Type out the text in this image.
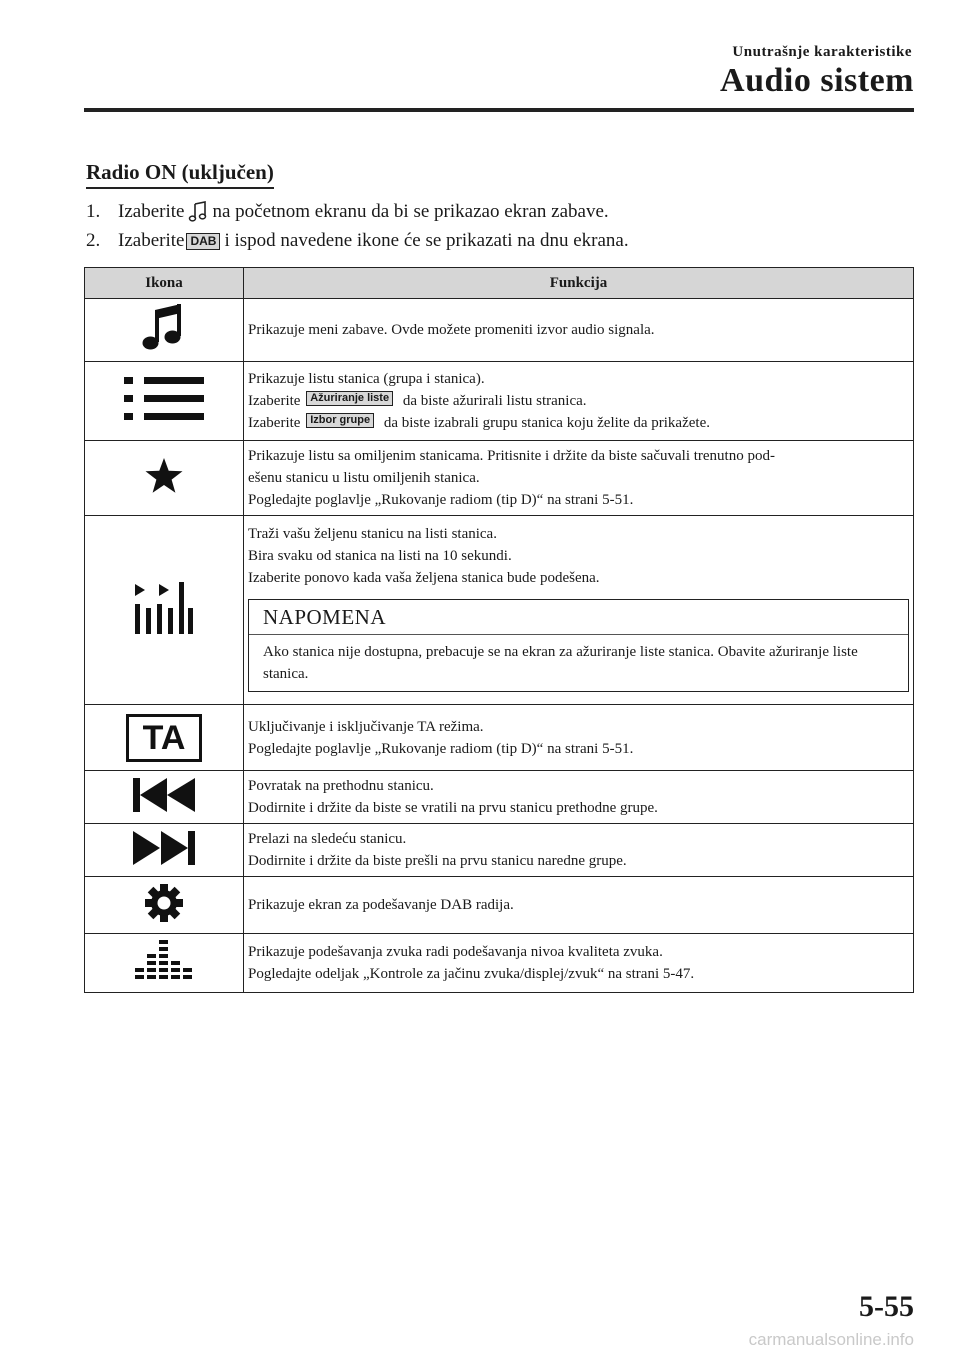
Unutrašnje karakteristike
Audio sistem
Radio ON (uključen)
1. Izaberite na početnom ekranu da bi se prikazao ekran zabave.
2. Izaberite DAB i ispod navedene ikone će se prikazati na dnu ekrana.
Ikona	Funkcija

Prikazuje meni zabave. Ovde možete promeniti izvor audio signala.

Prikazuje listu stanica (grupa i stanica).
Izaberite Ažuriranje liste da biste ažurirali listu stranica.
Izaberite Izbor grupe da biste izabrali grupu stanica koju želite da prikažete.

Prikazuje listu sa omiljenim stanicama. Pritisnite i držite da biste sačuvali trenutno pod-
ešenu stanicu u listu omiljenih stanica.
Pogledajte poglavlje „Rukovanje radiom (tip D)“ na strani 5-51.

Traži vašu željenu stanicu na listi stanica.
Bira svaku od stanica na listi na 10 sekundi.
Izaberite ponovo kada vaša željena stanica bude podešena.
NAPOMENA
Ako stanica nije dostupna, prebacuje se na ekran za ažuriranje liste stanica. Obavite ažuriranje liste stanica.

TA	Uključivanje i isključivanje TA režima.
Pogledajte poglavlje „Rukovanje radiom (tip D)“ na strani 5-51.

Povratak na prethodnu stanicu.
Dodirnite i držite da biste se vratili na prvu stanicu prethodne grupe.

Prelazi na sledeću stanicu.
Dodirnite i držite da biste prešli na prvu stanicu naredne grupe.

Prikazuje ekran za podešavanje DAB radija.

Prikazuje podešavanja zvuka radi podešavanja nivoa kvaliteta zvuka.
Pogledajte odeljak „Kontrole za jačinu zvuka/displej/zvuk“ na strani 5-47.
5-55
carmanualsonline.info
